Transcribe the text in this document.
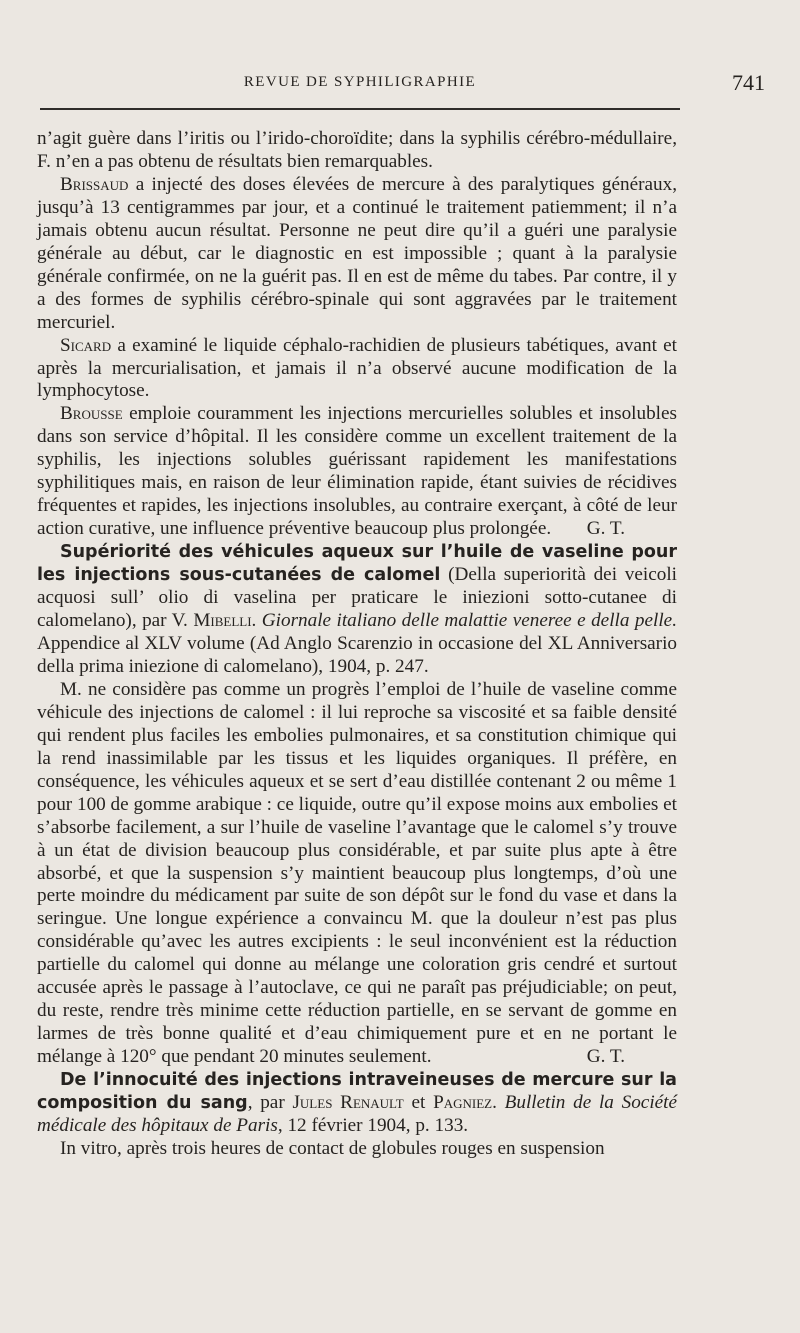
REVUE DE SYPHILIGRAPHIE	741

n’agit guère dans l’iritis ou l’irido-choroïdite; dans la syphilis cérébro-médullaire, F. n’en a pas obtenu de résultats bien remarquables.

Brissaud a injecté des doses élevées de mercure à des paralytiques généraux, jusqu’à 13 centigrammes par jour, et a continué le traitement patiemment; il n’a jamais obtenu aucun résultat. Personne ne peut dire qu’il a guéri une paralysie générale au début, car le diagnostic en est impossible ; quant à la paralysie générale confirmée, on ne la guérit pas. Il en est de même du tabes. Par contre, il y a des formes de syphilis cérébro-spinale qui sont aggravées par le traitement mercuriel.

Sicard a examiné le liquide céphalo-rachidien de plusieurs tabétiques, avant et après la mercurialisation, et jamais il n’a observé aucune modification de la lymphocytose.

Brousse emploie couramment les injections mercurielles solubles et insolubles dans son service d’hôpital. Il les considère comme un excellent traitement de la syphilis, les injections solubles guérissant rapidement les manifestations syphilitiques mais, en raison de leur élimination rapide, étant suivies de récidives fréquentes et rapides, les injections insolubles, au contraire exerçant, à côté de leur action curative, une influence préventive beaucoup plus prolongée.	G. T.

Supériorité des véhicules aqueux sur l’huile de vaseline pour les injections sous-cutanées de calomel (Della superiorità dei veicoli acquosi sull’ olio di vaselina per praticare le iniezioni sotto-cutanee di calomelano), par V. Mibelli. Giornale italiano delle malattie veneree e della pelle. Appendice al XLV volume (Ad Anglo Scarenzio in occasione del XL Anniversario della prima iniezione di calomelano), 1904, p. 247.

M. ne considère pas comme un progrès l’emploi de l’huile de vaseline comme véhicule des injections de calomel : il lui reproche sa viscosité et sa faible densité qui rendent plus faciles les embolies pulmonaires, et sa constitution chimique qui la rend inassimilable par les tissus et les liquides organiques. Il préfère, en conséquence, les véhicules aqueux et se sert d’eau distillée contenant 2 ou même 1 pour 100 de gomme arabique : ce liquide, outre qu’il expose moins aux embolies et s’absorbe facilement, a sur l’huile de vaseline l’avantage que le calomel s’y trouve à un état de division beaucoup plus considérable, et par suite plus apte à être absorbé, et que la suspension s’y maintient beaucoup plus longtemps, d’où une perte moindre du médicament par suite de son dépôt sur le fond du vase et dans la seringue. Une longue expérience a convaincu M. que la douleur n’est pas plus considérable qu’avec les autres excipients : le seul inconvénient est la réduction partielle du calomel qui donne au mélange une coloration gris cendré et surtout accusée après le passage à l’autoclave, ce qui ne paraît pas préjudiciable; on peut, du reste, rendre très minime cette réduction partielle, en se servant de gomme en larmes de très bonne qualité et d’eau chimiquement pure et en ne portant le mélange à 120° que pendant 20 minutes seulement.	G. T.

De l’innocuité des injections intraveineuses de mercure sur la composition du sang, par Jules Renault et Pagniez. Bulletin de la Société médicale des hôpitaux de Paris, 12 février 1904, p. 133.

In vitro, après trois heures de contact de globules rouges en suspension
